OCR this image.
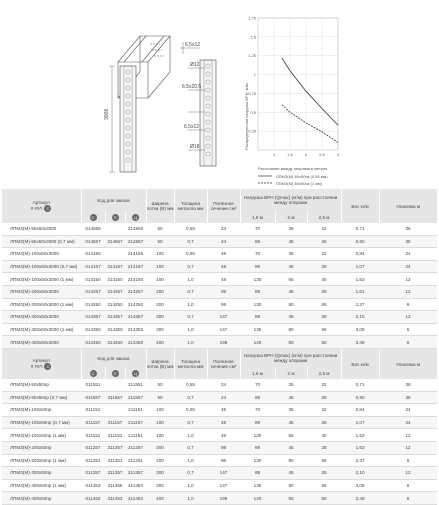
6,5x12
Ø12
6,5x20,5
6,5x12
Ø18
3008
1,75
1,5
1,25
1
0,75
0,5
0,25
1	1,5	2	2,5	3
Распределенная нагрузка ВРН, кг/м
Расстояние между опорами в метрах
ЛПМЗ(М)-60х50пк (0,55 мм)
ЛПМЗ(М)-60х50пк (1 мм)
Артикул
в кол. C	Код для заказа			Ширина лотка (В) мм	Толщина металла мм	Полезное сечение см²	Нагрузка ВРН (Qmax) (кг/м) при расстоянии между опорами			Вес кг/м	Упаковка м
	С	П	Ц				1,5 м	2 м	2,5 м		
ЛПМЗ(М)-50х50х3000	014555		214555	50	0,55	24	70	35	22	0,71	36
ЛПМЗ(М)-50х50х3000 (0,7 мм)	014557	314557	214557	50	0,7	24	89	45	28	0,90	36
ЛПМЗ(М)-100х50х3000	014155		214155	100	0,55	48	70	35	22	0,84	24
ЛПМЗ(М)-100х50х3000 (0,7 мм)	014157	314157	214157	100	0,7	48	89	45	28	1,07	24
ЛПМЗ(М)-100х50х3000 (1 мм)	014150	314150	214150	100	1,0	48	130	65	40	1,53	12
ЛПМЗ(М)-200х50х3000	014257	314257	214257	200	0,7	98	89	45	28	1,61	12
ЛПМЗ(М)-200х50х3000 (1 мм)	014250	314250	214250	200	1,0	98	130	80	55	2,37	6
ЛПМЗ(М)-300х50х3000	014357	314357	214357	300	0,7	147	89	45	28	2,10	12
ЛПМЗ(М)-300х50х3000 (1 мм)	014350	314350	214350	300	1,0	147	135	80	55	3,08	6
ЛПМЗ(М)-400х50х3000	014450	314450	214450	400	1,0	195	140	80	60	3,49	6
Артикул
в кол. C	Код для заказа			Ширина лотка (В) мм	Толщина металла мм	Полезное сечение см²	Нагрузка ВРН (Qmax) (кг/м) при расстоянии между опорами			Вес кг/м	Упаковка м
	С	П	Ц				1,5 м	2 м	2,5 м		
ЛПМЗ(М)-50х50пр	011551		211551	50	0,55	24	70	35	22	0,71	36
ЛПМЗ(М)-50х50пр (0,7 мм)	011557	311557	211557	50	0,7	24	89	45	28	0,90	36
ЛПМЗ(М)-100х50пр	011151		211151	100	0,55	48	70	35	22	0,84	24
ЛПМЗ(М)-100х50пр (0,7 мм)	011157	311157	211157	100	0,7	48	89	45	28	1,07	24
ЛПМЗ(М)-100х50пр (1 мм)	011151	311151	211151	100	1,0	48	130	65	40	1,53	12
ЛПМЗ(М)-200х50пр	011257	311257	211257	200	0,7	98	89	45	28	1,63	12
ЛПМЗ(М)-200х50пр (1 мм)	011251	311251	211251	200	1,0	98	130	80	55	2,37	6
ЛПМЗ(М)-300х50пр	011357	311357	211357	300	0,7	147	89	45	28	2,10	12
ЛПМЗ(М)-300х50пр (1 мм)	011353	311358	211353	300	1,0	147	135	80	55	3,08	6
ЛПМЗ(М)-400х50пр	011453	311453	211453	400	1,0	195	140	80	60	3,49	6
